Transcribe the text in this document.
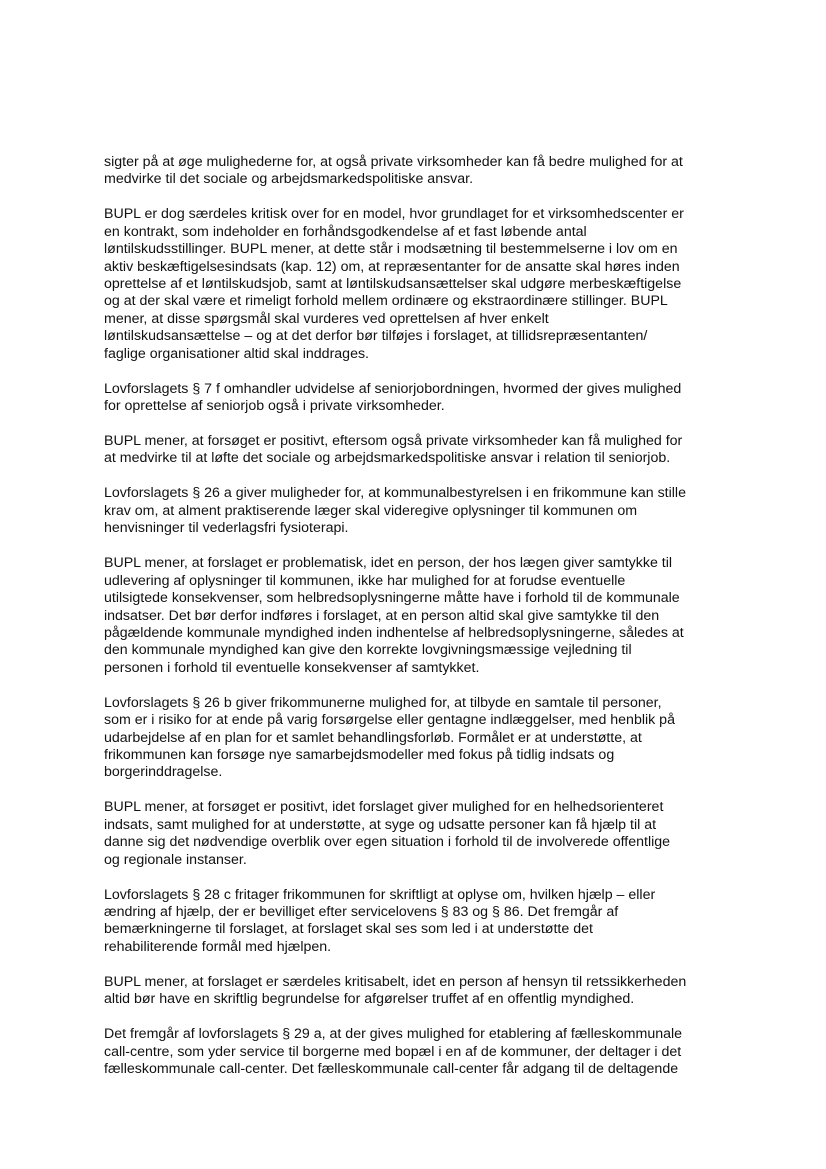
sigter på at øge mulighederne for, at også private virksomheder kan få bedre mulighed for at
medvirke til det sociale og arbejdsmarkedspolitiske ansvar.

BUPL er dog særdeles kritisk over for en model, hvor grundlaget for et virksomhedscenter er
en kontrakt, som indeholder en forhåndsgodkendelse af et fast løbende antal
løntilskudsstillinger. BUPL mener, at dette står i modsætning til bestemmelserne i lov om en
aktiv beskæftigelsesindsats (kap. 12) om, at repræsentanter for de ansatte skal høres inden
oprettelse af et løntilskudsjob, samt at løntilskudsansættelser skal udgøre merbeskæftigelse
og at der skal være et rimeligt forhold mellem ordinære og ekstraordinære stillinger. BUPL
mener, at disse spørgsmål skal vurderes ved oprettelsen af hver enkelt
løntilskudsansættelse – og at det derfor bør tilføjes i forslaget, at tillidsrepræsentanten/
faglige organisationer altid skal inddrages.

Lovforslagets § 7 f omhandler udvidelse af seniorjobordningen, hvormed der gives mulighed
for oprettelse af seniorjob også i private virksomheder.

BUPL mener, at forsøget er positivt, eftersom også private virksomheder kan få mulighed for
at medvirke til at løfte det sociale og arbejdsmarkedspolitiske ansvar i relation til seniorjob.

Lovforslagets § 26 a giver muligheder for, at kommunalbestyrelsen i en frikommune kan stille
krav om, at alment praktiserende læger skal videregive oplysninger til kommunen om
henvisninger til vederlagsfri fysioterapi.

BUPL mener, at forslaget er problematisk, idet en person, der hos lægen giver samtykke til
udlevering af oplysninger til kommunen, ikke har mulighed for at forudse eventuelle
utilsigtede konsekvenser, som helbredsoplysningerne måtte have i forhold til de kommunale
indsatser. Det bør derfor indføres i forslaget, at en person altid skal give samtykke til den
pågældende kommunale myndighed inden indhentelse af helbredsoplysningerne, således at
den kommunale myndighed kan give den korrekte lovgivningsmæssige vejledning til
personen i forhold til eventuelle konsekvenser af samtykket.

Lovforslagets § 26 b giver frikommunerne mulighed for, at tilbyde en samtale til personer,
som er i risiko for at ende på varig forsørgelse eller gentagne indlæggelser, med henblik på
udarbejdelse af en plan for et samlet behandlingsforløb. Formålet er at understøtte, at
frikommunen kan forsøge nye samarbejdsmodeller med fokus på tidlig indsats og
borgerinddragelse.

BUPL mener, at forsøget er positivt, idet forslaget giver mulighed for en helhedsorienteret
indsats, samt mulighed for at understøtte, at syge og udsatte personer kan få hjælp til at
danne sig det nødvendige overblik over egen situation i forhold til de involverede offentlige
og regionale instanser.

Lovforslagets § 28 c fritager frikommunen for skriftligt at oplyse om, hvilken hjælp – eller
ændring af hjælp, der er bevilliget efter servicelovens § 83 og § 86. Det fremgår af
bemærkningerne til forslaget, at forslaget skal ses som led i at understøtte det
rehabiliterende formål med hjælpen.

BUPL mener, at forslaget er særdeles kritisabelt, idet en person af hensyn til retssikkerheden
altid bør have en skriftlig begrundelse for afgørelser truffet af en offentlig myndighed.

Det fremgår af lovforslagets § 29 a, at der gives mulighed for etablering af fælleskommunale
call-centre, som yder service til borgerne med bopæl i en af de kommuner, der deltager i det
fælleskommunale call-center. Det fælleskommunale call-center får adgang til de deltagende
